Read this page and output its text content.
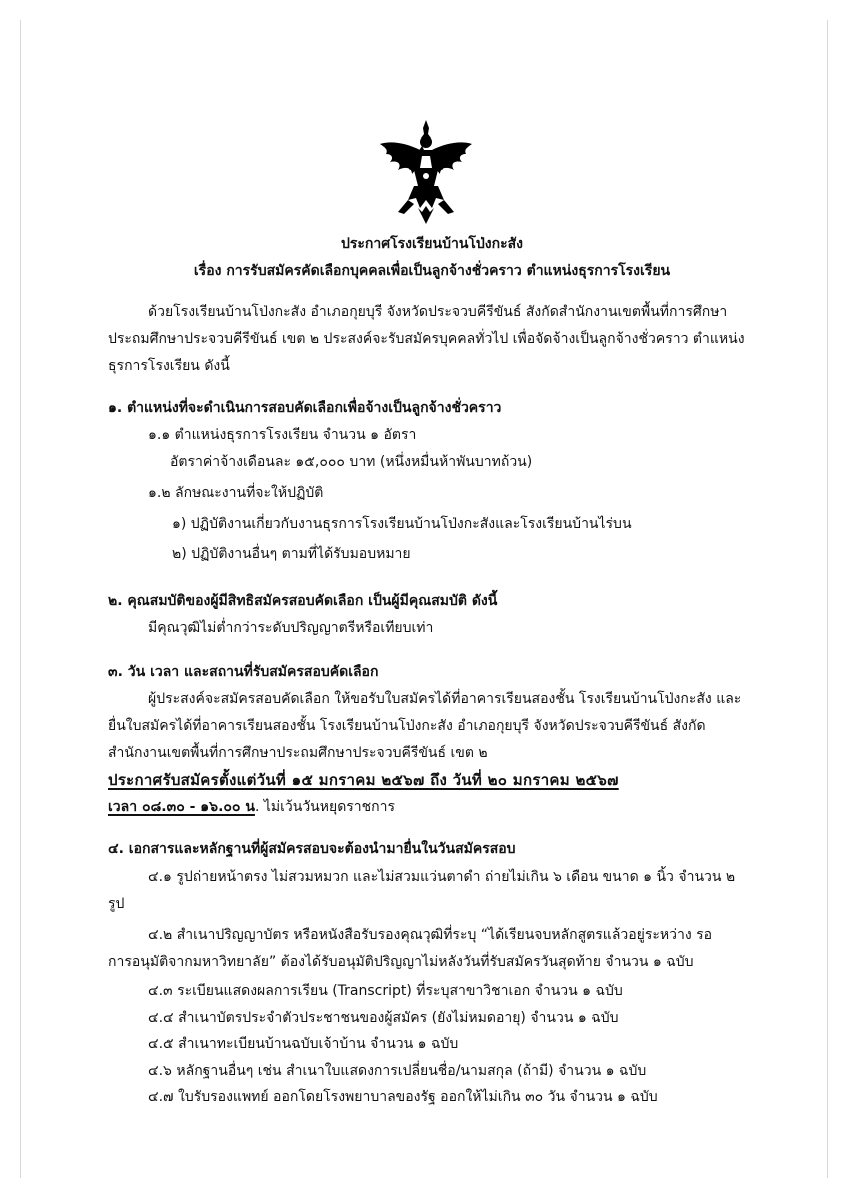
ประกาศโรงเรียนบ้านโป่งกะสัง
เรื่อง การรับสมัครคัดเลือกบุคคลเพื่อเป็นลูกจ้างชั่วคราว ตำแหน่งธุรการโรงเรียน
ด้วยโรงเรียนบ้านโป่งกะสัง อำเภอกุยบุรี จังหวัดประจวบคีรีขันธ์ สังกัดสำนักงานเขตพื้นที่การศึกษา
ประถมศึกษาประจวบคีรีขันธ์ เขต ๒ ประสงค์จะรับสมัครบุคคลทั่วไป เพื่อจัดจ้างเป็นลูกจ้างชั่วคราว ตำแหน่ง
ธุรการโรงเรียน ดังนี้
๑. ตำแหน่งที่จะดำเนินการสอบคัดเลือกเพื่อจ้างเป็นลูกจ้างชั่วคราว
๑.๑ ตำแหน่งธุรการโรงเรียน จำนวน ๑ อัตรา
อัตราค่าจ้างเดือนละ ๑๕,๐๐๐ บาท (หนึ่งหมื่นห้าพันบาทถ้วน)
๑.๒ ลักษณะงานที่จะให้ปฏิบัติ
๑) ปฏิบัติงานเกี่ยวกับงานธุรการโรงเรียนบ้านโป่งกะสังและโรงเรียนบ้านไร่บน
๒) ปฏิบัติงานอื่นๆ ตามที่ได้รับมอบหมาย
๒. คุณสมบัติของผู้มีสิทธิสมัครสอบคัดเลือก เป็นผู้มีคุณสมบัติ ดังนี้
มีคุณวุฒิไม่ต่ำกว่าระดับปริญญาตรีหรือเทียบเท่า
๓. วัน เวลา และสถานที่รับสมัครสอบคัดเลือก
ผู้ประสงค์จะสมัครสอบคัดเลือก ให้ขอรับใบสมัครได้ที่อาคารเรียนสองชั้น โรงเรียนบ้านโป่งกะสัง และ
ยื่นใบสมัครได้ที่อาคารเรียนสองชั้น โรงเรียนบ้านโป่งกะสัง อำเภอกุยบุรี จังหวัดประจวบคีรีขันธ์ สังกัด
สำนักงานเขตพื้นที่การศึกษาประถมศึกษาประจวบคีรีขันธ์ เขต ๒
ประกาศรับสมัครตั้งแต่วันที่ ๑๕ มกราคม ๒๕๖๗ ถึง วันที่ ๒๐ มกราคม ๒๕๖๗
เวลา ๐๘.๓๐ - ๑๖.๐๐ น. ไม่เว้นวันหยุดราชการ
๔. เอกสารและหลักฐานที่ผู้สมัครสอบจะต้องนำมายื่นในวันสมัครสอบ
๔.๑ รูปถ่ายหน้าตรง ไม่สวมหมวก และไม่สวมแว่นตาดำ ถ่ายไม่เกิน ๖ เดือน ขนาด ๑ นิ้ว จำนวน ๒
รูป
๔.๒ สำเนาปริญญาบัตร หรือหนังสือรับรองคุณวุฒิที่ระบุ “ได้เรียนจบหลักสูตรแล้วอยู่ระหว่าง รอ
การอนุมัติจากมหาวิทยาลัย” ต้องได้รับอนุมัติปริญญาไม่หลังวันที่รับสมัครวันสุดท้าย จำนวน ๑ ฉบับ
๔.๓ ระเบียนแสดงผลการเรียน (Transcript) ที่ระบุสาขาวิชาเอก จำนวน ๑ ฉบับ
๔.๔ สำเนาบัตรประจำตัวประชาชนของผู้สมัคร (ยังไม่หมดอายุ) จำนวน ๑ ฉบับ
๔.๕ สำเนาทะเบียนบ้านฉบับเจ้าบ้าน จำนวน ๑ ฉบับ
๔.๖ หลักฐานอื่นๆ เช่น สำเนาใบแสดงการเปลี่ยนชื่อ/นามสกุล (ถ้ามี) จำนวน ๑ ฉบับ
๔.๗ ใบรับรองแพทย์ ออกโดยโรงพยาบาลของรัฐ ออกให้ไม่เกิน ๓๐ วัน จำนวน ๑ ฉบับ
